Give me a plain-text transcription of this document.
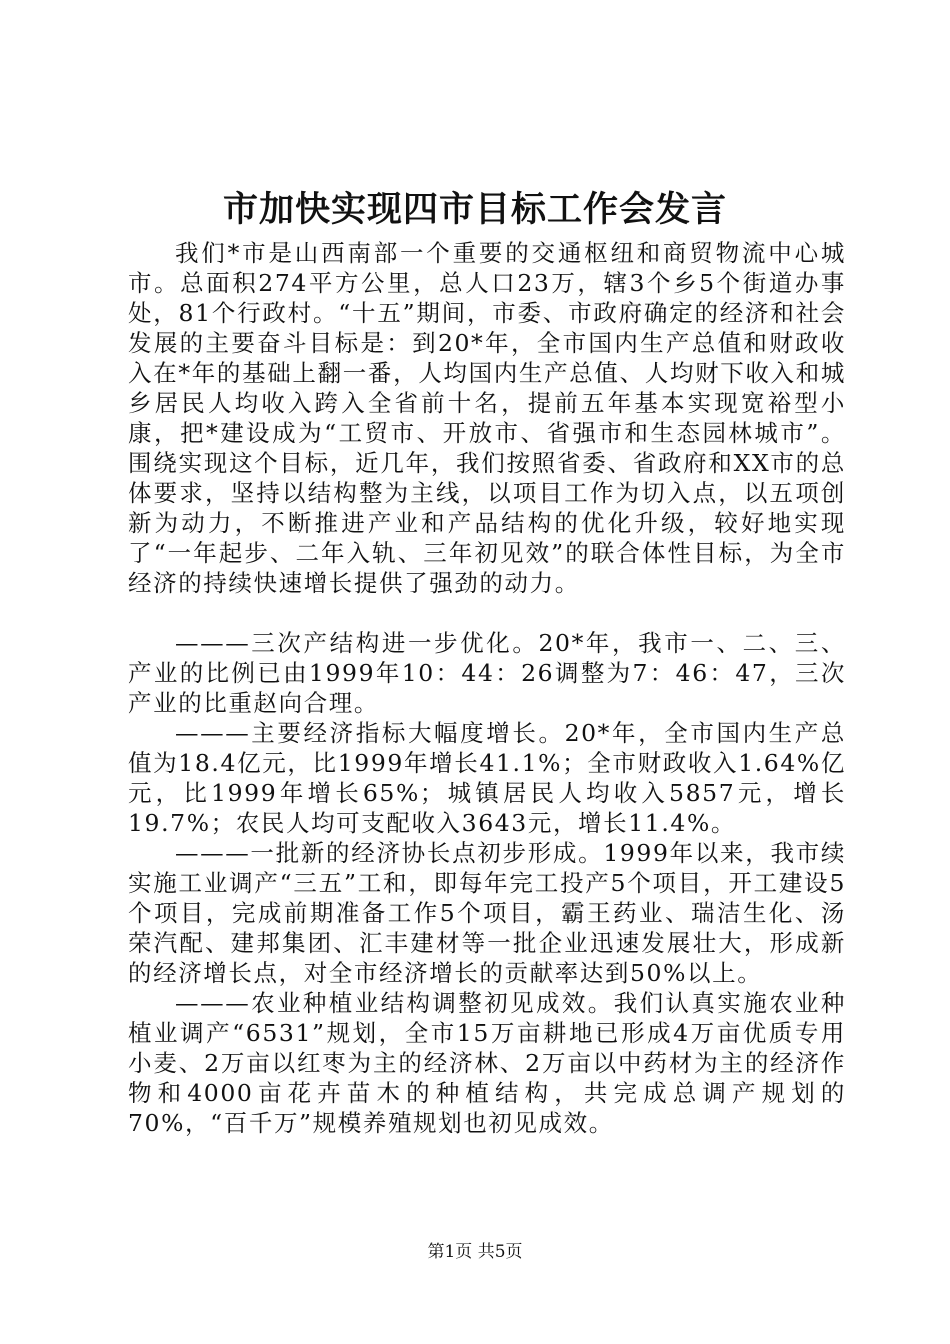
市加快实现四市目标工作会发言

我们*市是山西南部一个重要的交通枢纽和商贸物流中心城市。总面积274平方公里，总人口23万，辖3个乡5个街道办事处，81个行政村。“十五”期间，市委、市政府确定的经济和社会发展的主要奋斗目标是：到20*年，全市国内生产总值和财政收入在*年的基础上翻一番，人均国内生产总值、人均财下收入和城乡居民人均收入跨入全省前十名，提前五年基本实现宽裕型小康，把*建设成为“工贸市、开放市、省强市和生态园林城市”。围绕实现这个目标，近几年，我们按照省委、省政府和XX市的总体要求，坚持以结构整为主线，以项目工作为切入点，以五项创新为动力，不断推进产业和产品结构的优化升级，较好地实现了“一年起步、二年入轨、三年初见效”的联合体性目标，为全市经济的持续快速增长提供了强劲的动力。

———三次产结构进一步优化。20*年，我市一、二、三、产业的比例已由1999年10：44：26调整为7：46：47，三次产业的比重赵向合理。

———主要经济指标大幅度增长。20*年，全市国内生产总值为18.4亿元，比1999年增长41.1%；全市财政收入1.64%亿元，比1999年增长65%；城镇居民人均收入5857元，增长19.7%；农民人均可支配收入3643元，增长11.4%。

———一批新的经济协长点初步形成。1999年以来，我市续实施工业调产“三五”工和，即每年完工投产5个项目，开工建设5个项目，完成前期准备工作5个项目，霸王药业、瑞洁生化、汤荣汽配、建邦集团、汇丰建材等一批企业迅速发展壮大，形成新的经济增长点，对全市经济增长的贡献率达到50%以上。

———农业种植业结构调整初见成效。我们认真实施农业种植业调产“6531”规划，全市15万亩耕地已形成4万亩优质专用小麦、2万亩以红枣为主的经济林、2万亩以中药材为主的经济作物和4000亩花卉苗木的种植结构，共完成总调产规划的70%，“百千万”规模养殖规划也初见成效。

第1页 共5页
